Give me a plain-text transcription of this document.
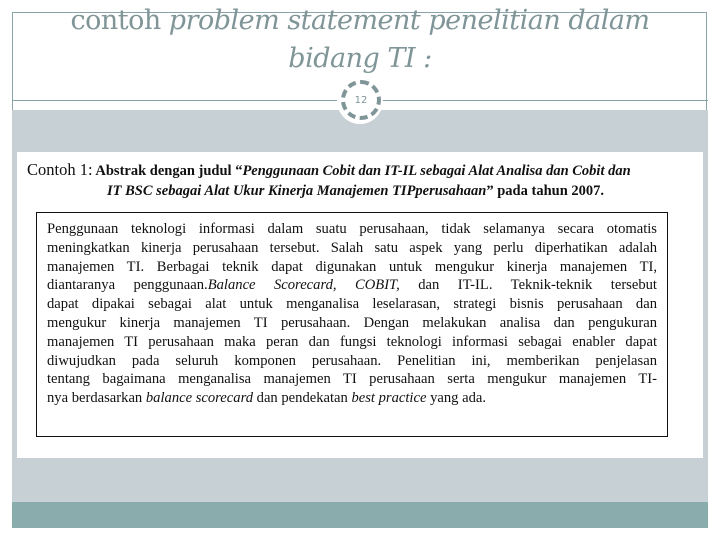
contoh problem statement penelitian dalam
bidang TI :
12
Contoh 1: Abstrak dengan judul “Penggunaan Cobit dan IT-IL sebagai Alat Analisa dan Cobit dan
IT BSC sebagai Alat Ukur Kinerja Manajemen TIPperusahaan” pada tahun 2007.
Penggunaan teknologi informasi dalam suatu perusahaan, tidak selamanya secara otomatis
meningkatkan kinerja perusahaan tersebut. Salah satu aspek yang perlu diperhatikan adalah
manajemen TI. Berbagai teknik dapat digunakan untuk mengukur kinerja manajemen TI,
diantaranya penggunaan.Balance Scorecard, COBIT, dan IT-IL. Teknik-teknik tersebut
dapat dipakai sebagai alat untuk menganalisa leselarasan, strategi bisnis perusahaan dan
mengukur kinerja manajemen TI perusahaan. Dengan melakukan analisa dan pengukuran
manajemen TI perusahaan maka peran dan fungsi teknologi informasi sebagai enabler dapat
diwujudkan pada seluruh komponen perusahaan. Penelitian ini, memberikan penjelasan
tentang bagaimana menganalisa manajemen TI perusahaan serta mengukur manajemen TI-
nya berdasarkan balance scorecard dan pendekatan best practice yang ada.
